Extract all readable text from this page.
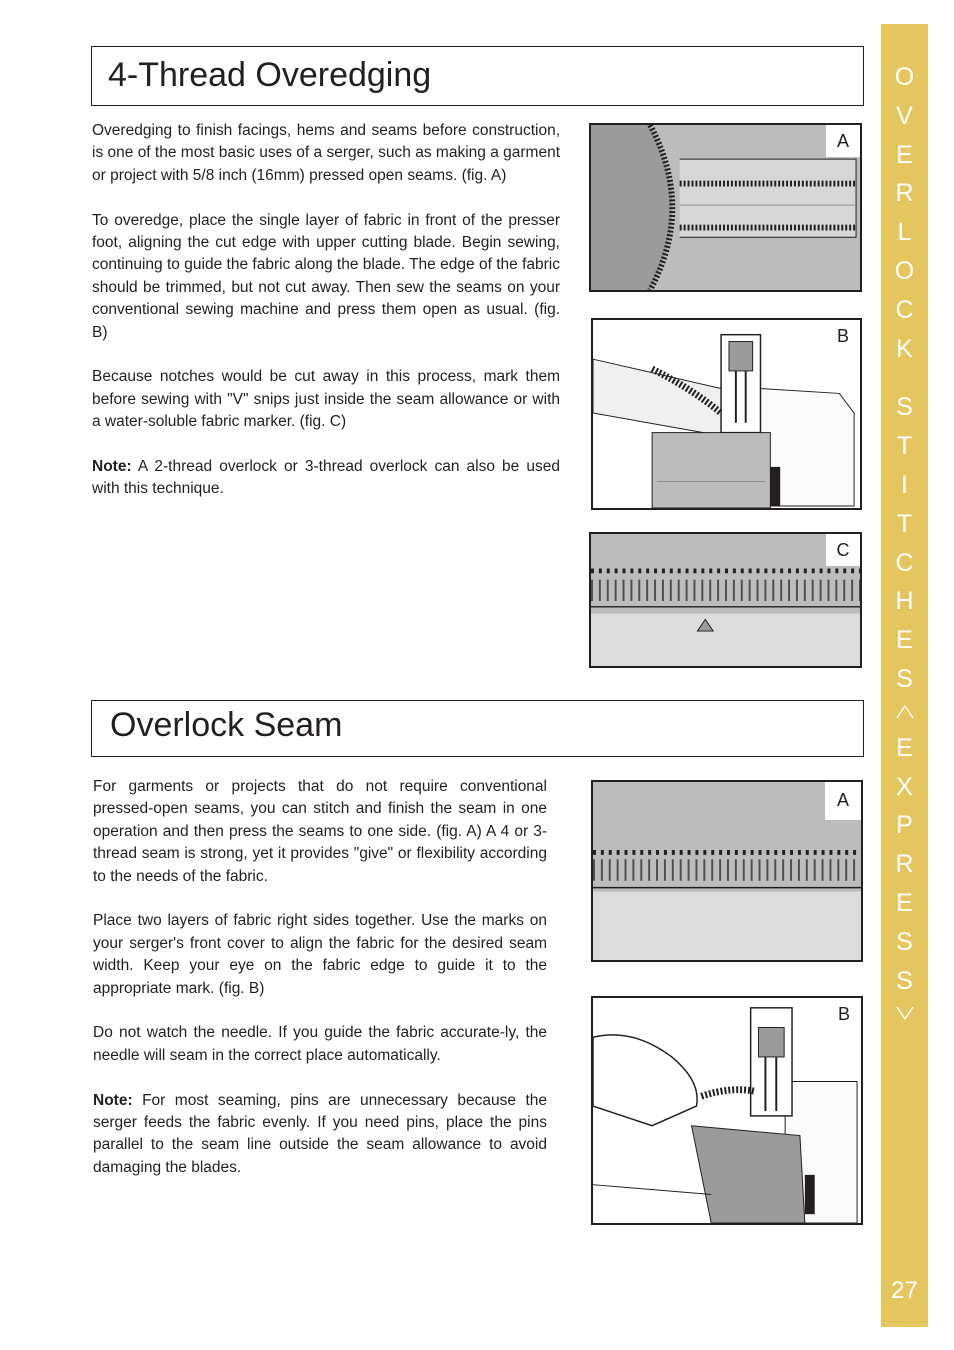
4-Thread Overedging

Overedging to finish facings, hems and seams before construction, is one of the most basic uses of a serger, such as making a garment or project with 5/8 inch (16mm) pressed open seams. (fig. A)

To overedge, place the single layer of fabric in front of the presser foot, aligning the cut edge with upper cutting blade. Begin sewing, continuing to guide the fabric along the blade. The edge of the fabric should be trimmed, but not cut away. Then sew the seams on your conventional sewing machine and press them open as usual. (fig. B)

Because notches would be cut away in this process, mark them before sewing with "V" snips just inside the seam allowance or with a water-soluble fabric marker. (fig. C)

Note: A 2-thread overlock or 3-thread overlock can also be used with this technique.

A
B
C
Overlock Seam

For garments or projects that do not require conventional pressed-open seams, you can stitch and finish the seam in one operation and then press the seams to one side. (fig. A) A 4 or 3-thread seam is strong, yet it provides "give" or flexibility according to the needs of the fabric.

Place two layers of fabric right sides together. Use the marks on your serger's front cover to align the fabric for the desired seam width. Keep your eye on the fabric edge to guide it to the appropriate mark. (fig. B)

Do not watch the needle. If you guide the fabric accurate-ly, the needle will seam in the correct place automatically.

Note: For most seaming, pins are unnecessary because the serger feeds the fabric evenly. If you need pins, place the pins parallel to the seam line outside the seam allowance to avoid damaging the blades.

A
B
O
V
E
R
L
O
C
K
S
T
I
T
C
H
E
S
E
X
P
R
E
S
S
27
